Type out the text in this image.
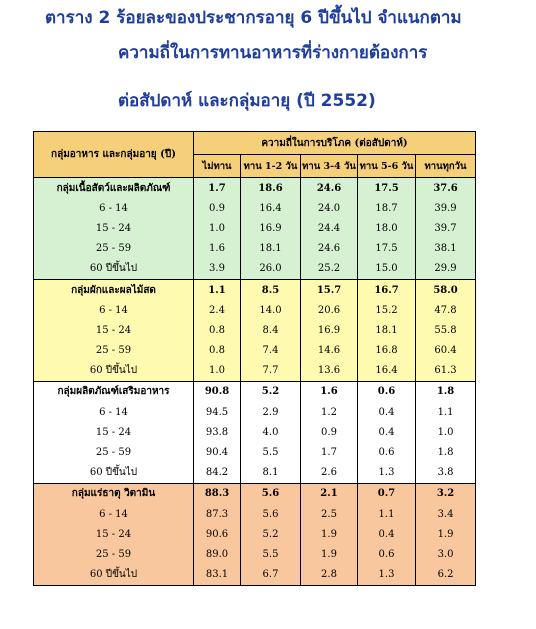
ตาราง 2 ร้อยละของประชากรอายุ 6 ปีขึ้นไป จำแนกตาม
ความถี่ในการทานอาหารที่ร่างกายต้องการ
ต่อสัปดาห์ และกลุ่มอายุ (ปี 2552)
กลุ่มอาหาร และกลุ่มอายุ (ปี)	ความถี่ในการบริโภค (ต่อสัปดาห์)				
	ไม่ทาน	ทาน 1-2 วัน	ทาน 3-4 วัน	ทาน 5-6 วัน	ทานทุกวัน
กลุ่มเนื้อสัตว์และผลิตภัณฑ์	1.7	18.6	24.6	17.5	37.6
6 - 14	0.9	16.4	24.0	18.7	39.9
15 - 24	1.0	16.9	24.4	18.0	39.7
25 - 59	1.6	18.1	24.6	17.5	38.1
60 ปีขึ้นไป	3.9	26.0	25.2	15.0	29.9
กลุ่มผักและผลไม้สด	1.1	8.5	15.7	16.7	58.0
6 - 14	2.4	14.0	20.6	15.2	47.8
15 - 24	0.8	8.4	16.9	18.1	55.8
25 - 59	0.8	7.4	14.6	16.8	60.4
60 ปีขึ้นไป	1.0	7.7	13.6	16.4	61.3
กลุ่มผลิตภัณฑ์เสริมอาหาร	90.8	5.2	1.6	0.6	1.8
6 - 14	94.5	2.9	1.2	0.4	1.1
15 - 24	93.8	4.0	0.9	0.4	1.0
25 - 59	90.4	5.5	1.7	0.6	1.8
60 ปีขึ้นไป	84.2	8.1	2.6	1.3	3.8
กลุ่มแร่ธาตุ วิตามิน	88.3	5.6	2.1	0.7	3.2
6 - 14	87.3	5.6	2.5	1.1	3.4
15 - 24	90.6	5.2	1.9	0.4	1.9
25 - 59	89.0	5.5	1.9	0.6	3.0
60 ปีขึ้นไป	83.1	6.7	2.8	1.3	6.2
